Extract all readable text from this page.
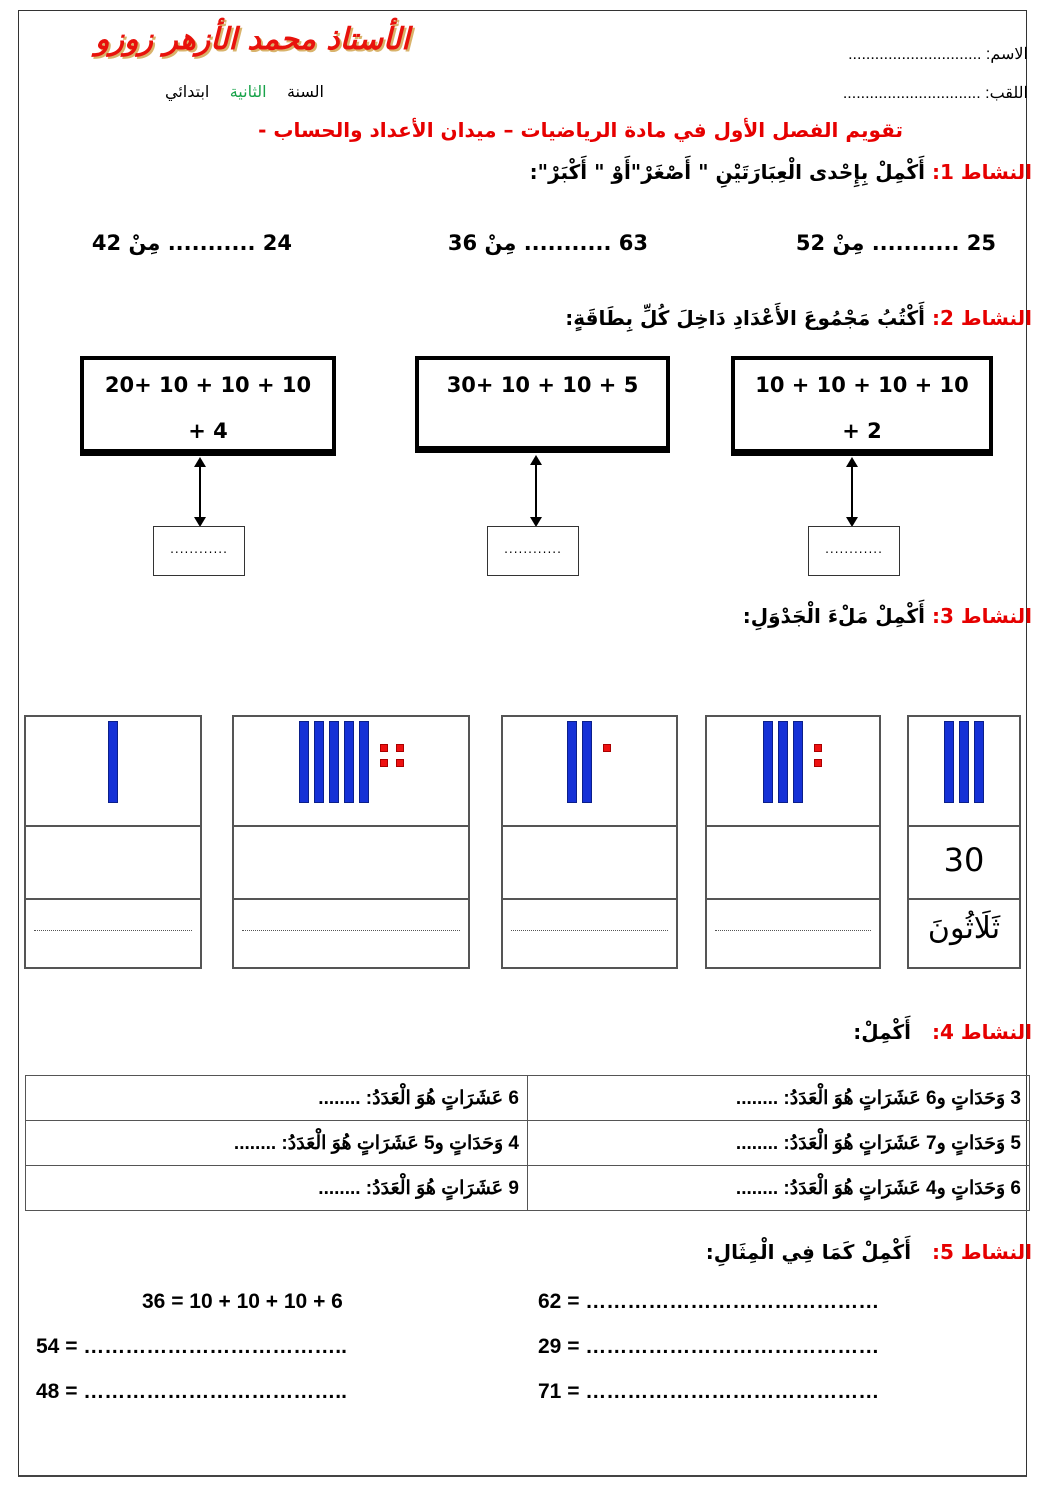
الأستاذ محمد الأزهر زوزو
السنة    الثانية    ابتدائي
الاسم: ..............................
اللقب: ...............................
تقويم الفصل الأول في مادة الرياضيات – ميدان الأعداد والحساب -
النشاط 1: أَكْمِلْ بِإِحْدى الْعِبَارَتَيْنِ " أَصْغَرْ"أَوْ " أَكْبَرْ":
25 ........... مِنْ 52
63 ........... مِنْ 36
24 ........... مِنْ 42
النشاط 2: أَكْتُبُ مَجْمُوعَ الأَعْدَادِ دَاخِلَ كُلِّ بِطَاقَةٍ:
10 + 10 + 10 + 10
+ 2
............
30+ 10 + 10 + 5
............
20+ 10 + 10 + 10
+ 4
............
النشاط 3: أَكْمِلْ مَلْءَ الْجَدْوَلِ:
30
ثَلَاثُونَ
النشاط 4:   أَكْمِلْ:
3 وَحَدَاتٍ و6 عَشَرَاتٍ هُوَ الْعَدَدُ: ........	6 عَشَرَاتٍ هُوَ الْعَدَدُ: ........
5 وَحَدَاتٍ و7 عَشَرَاتٍ هُوَ الْعَدَدُ: ........	4 وَحَدَاتٍ و5 عَشَرَاتٍ هُوَ الْعَدَدُ: ........
6 وَحَدَاتٍ و4 عَشَرَاتٍ هُوَ الْعَدَدُ: ........	9 عَشَرَاتٍ هُوَ الْعَدَدُ: ........
النشاط 5:   أَكْمِلْ كَمَا فِي الْمِثَالِ:
36 = 10 + 10 + 10 + 6
54 = ………………………………..
48 = ………………………………..
62 = ……………………………………
29 = ……………………………………
71 = ……………………………………
